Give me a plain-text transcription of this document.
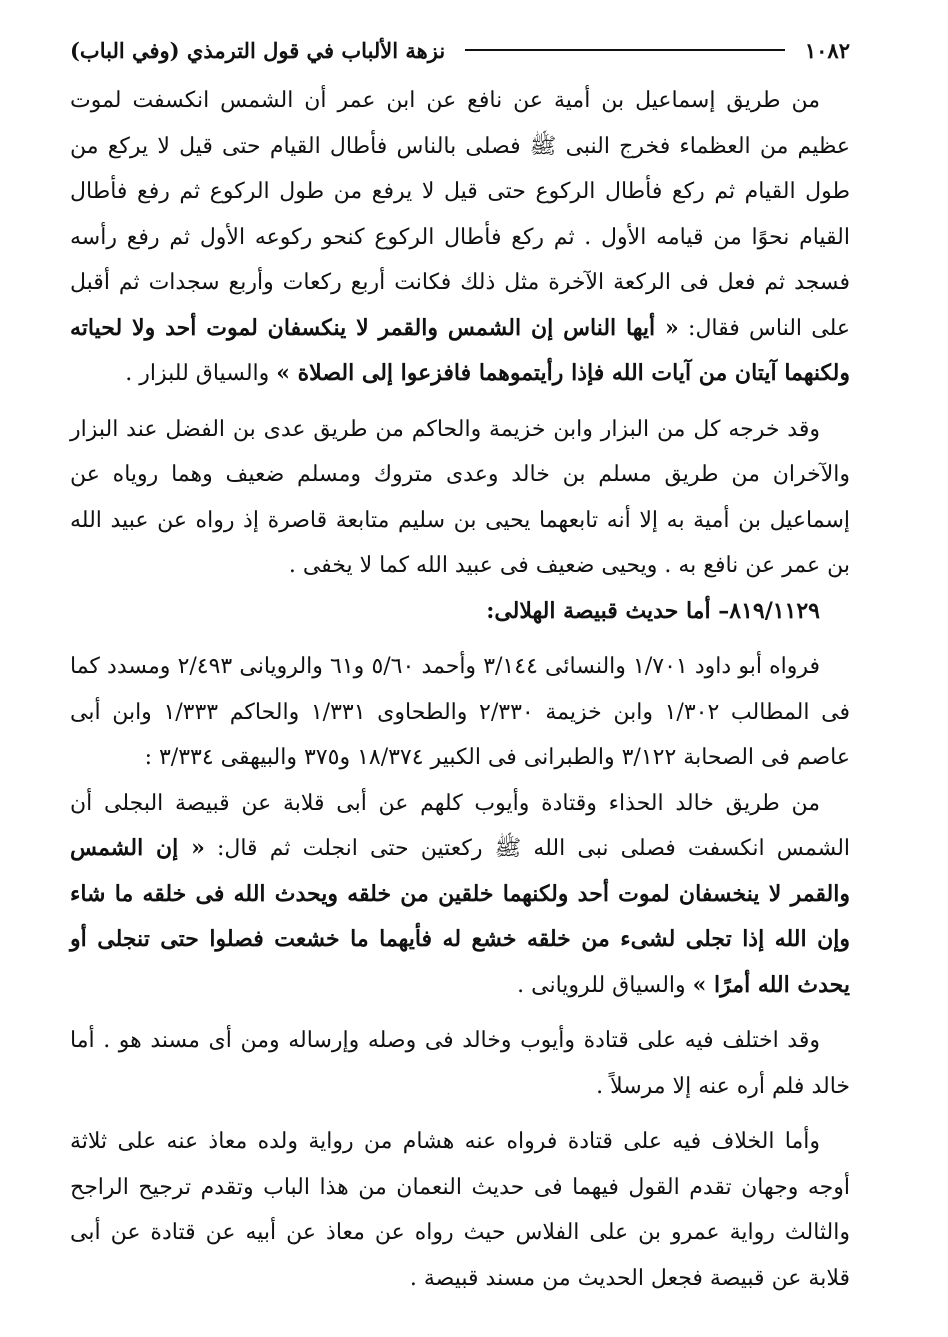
١٠٨٢
نزهة الألباب في قول الترمذي (وفي الباب)

من طريق إسماعيل بن أمية عن نافع عن ابن عمر أن الشمس انكسفت لموت عظيم من العظماء فخرج النبى ﷺ فصلى بالناس فأطال القيام حتى قيل لا يركع من طول القيام ثم ركع فأطال الركوع حتى قيل لا يرفع من طول الركوع ثم رفع فأطال القيام نحوًا من قيامه الأول . ثم ركع فأطال الركوع كنحو ركوعه الأول ثم رفع رأسه فسجد ثم فعل فى الركعة الآخرة مثل ذلك فكانت أربع ركعات وأربع سجدات ثم أقبل على الناس فقال: « أيها الناس إن الشمس والقمر لا ينكسفان لموت أحد ولا لحياته ولكنهما آيتان من آيات الله فإذا رأيتموهما فافزعوا إلى الصلاة » والسياق للبزار .

وقد خرجه كل من البزار وابن خزيمة والحاكم من طريق عدى بن الفضل عند البزار والآخران من طريق مسلم بن خالد وعدى متروك ومسلم ضعيف وهما روياه عن إسماعيل بن أمية به إلا أنه تابعهما يحيى بن سليم متابعة قاصرة إذ رواه عن عبيد الله بن عمر عن نافع به . ويحيى ضعيف فى عبيد الله كما لا يخفى .

٨١٩/١١٢٩– أما حديث قبيصة الهلالى:

فرواه أبو داود ١/٧٠١ والنسائى ٣/١٤٤ وأحمد ٥/٦٠ و٦١ والرويانى ٢/٤٩٣ ومسدد كما فى المطالب ١/٣٠٢ وابن خزيمة ٢/٣٣٠ والطحاوى ١/٣٣١ والحاكم ١/٣٣٣ وابن أبى عاصم فى الصحابة ٣/١٢٢ والطبرانى فى الكبير ١٨/٣٧٤ و٣٧٥ والبيهقى ٣/٣٣٤ :

من طريق خالد الحذاء وقتادة وأيوب كلهم عن أبى قلابة عن قبيصة البجلى أن الشمس انكسفت فصلى نبى الله ﷺ ركعتين حتى انجلت ثم قال: « إن الشمس والقمر لا ينخسفان لموت أحد ولكنهما خلقين من خلقه ويحدث الله فى خلقه ما شاء وإن الله إذا تجلى لشىء من خلقه خشع له فأيهما ما خشعت فصلوا حتى تنجلى أو يحدث الله أمرًا » والسياق للرويانى .

وقد اختلف فيه على قتادة وأيوب وخالد فى وصله وإرساله ومن أى مسند هو . أما خالد فلم أره عنه إلا مرسلاً .

وأما الخلاف فيه على قتادة فرواه عنه هشام من رواية ولده معاذ عنه على ثلاثة أوجه وجهان تقدم القول فيهما فى حديث النعمان من هذا الباب وتقدم ترجيح الراجح والثالث رواية عمرو بن على الفلاس حيث رواه عن معاذ عن أبيه عن قتادة عن أبى قلابة عن قبيصة فجعل الحديث من مسند قبيصة .
